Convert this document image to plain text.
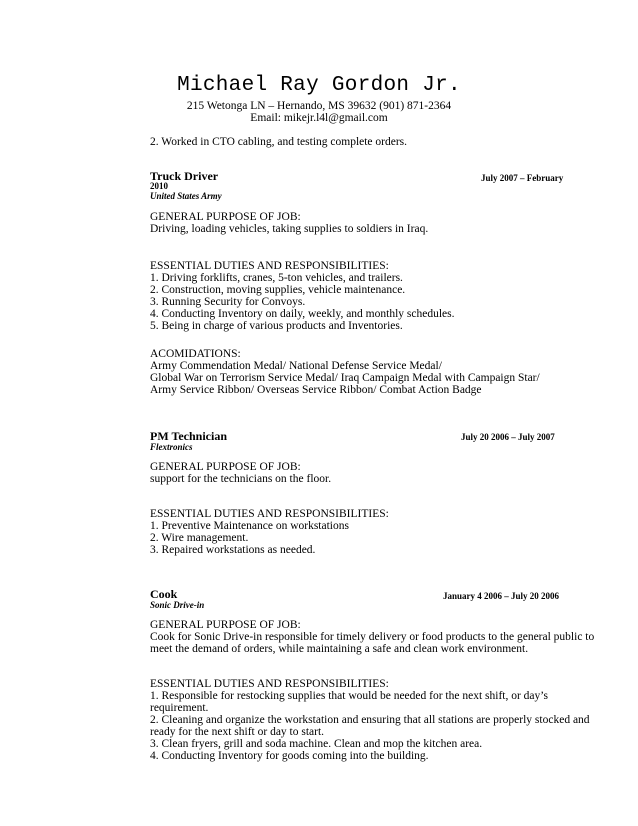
Michael Ray Gordon Jr.
215 Wetonga LN – Hernando, MS 39632 (901) 871-2364
Email: mikejr.l4l@gmail.com
2. Worked in CTO cabling, and testing complete orders.
Truck Driver	July 2007 – February
2010
United States Army
GENERAL PURPOSE OF JOB:
Driving, loading vehicles, taking supplies to soldiers in Iraq.
ESSENTIAL DUTIES AND RESPONSIBILITIES:
1. Driving forklifts, cranes, 5-ton vehicles, and trailers.
2. Construction, moving supplies, vehicle maintenance.
3. Running Security for Convoys.
4. Conducting Inventory on daily, weekly, and monthly schedules.
5. Being in charge of various products and Inventories.
ACOMIDATIONS:
Army Commendation Medal/ National Defense Service Medal/
Global War on Terrorism Service Medal/ Iraq Campaign Medal with Campaign Star/
Army Service Ribbon/ Overseas Service Ribbon/ Combat Action Badge
PM Technician	July 20 2006 – July 2007
Flextronics
GENERAL PURPOSE OF JOB:
support for the technicians on the floor.
ESSENTIAL DUTIES AND RESPONSIBILITIES:
1. Preventive Maintenance on workstations
2. Wire management.
3. Repaired workstations as needed.
Cook	January 4 2006 – July 20 2006
Sonic Drive-in
GENERAL PURPOSE OF JOB:
Cook for Sonic Drive-in responsible for timely delivery or food products to the general public to
meet the demand of orders, while maintaining a safe and clean work environment.
ESSENTIAL DUTIES AND RESPONSIBILITIES:
1. Responsible for restocking supplies that would be needed for the next shift, or day’s
requirement.
2. Cleaning and organize the workstation and ensuring that all stations are properly stocked and
ready for the next shift or day to start.
3. Clean fryers, grill and soda machine. Clean and mop the kitchen area.
4. Conducting Inventory for goods coming into the building.
